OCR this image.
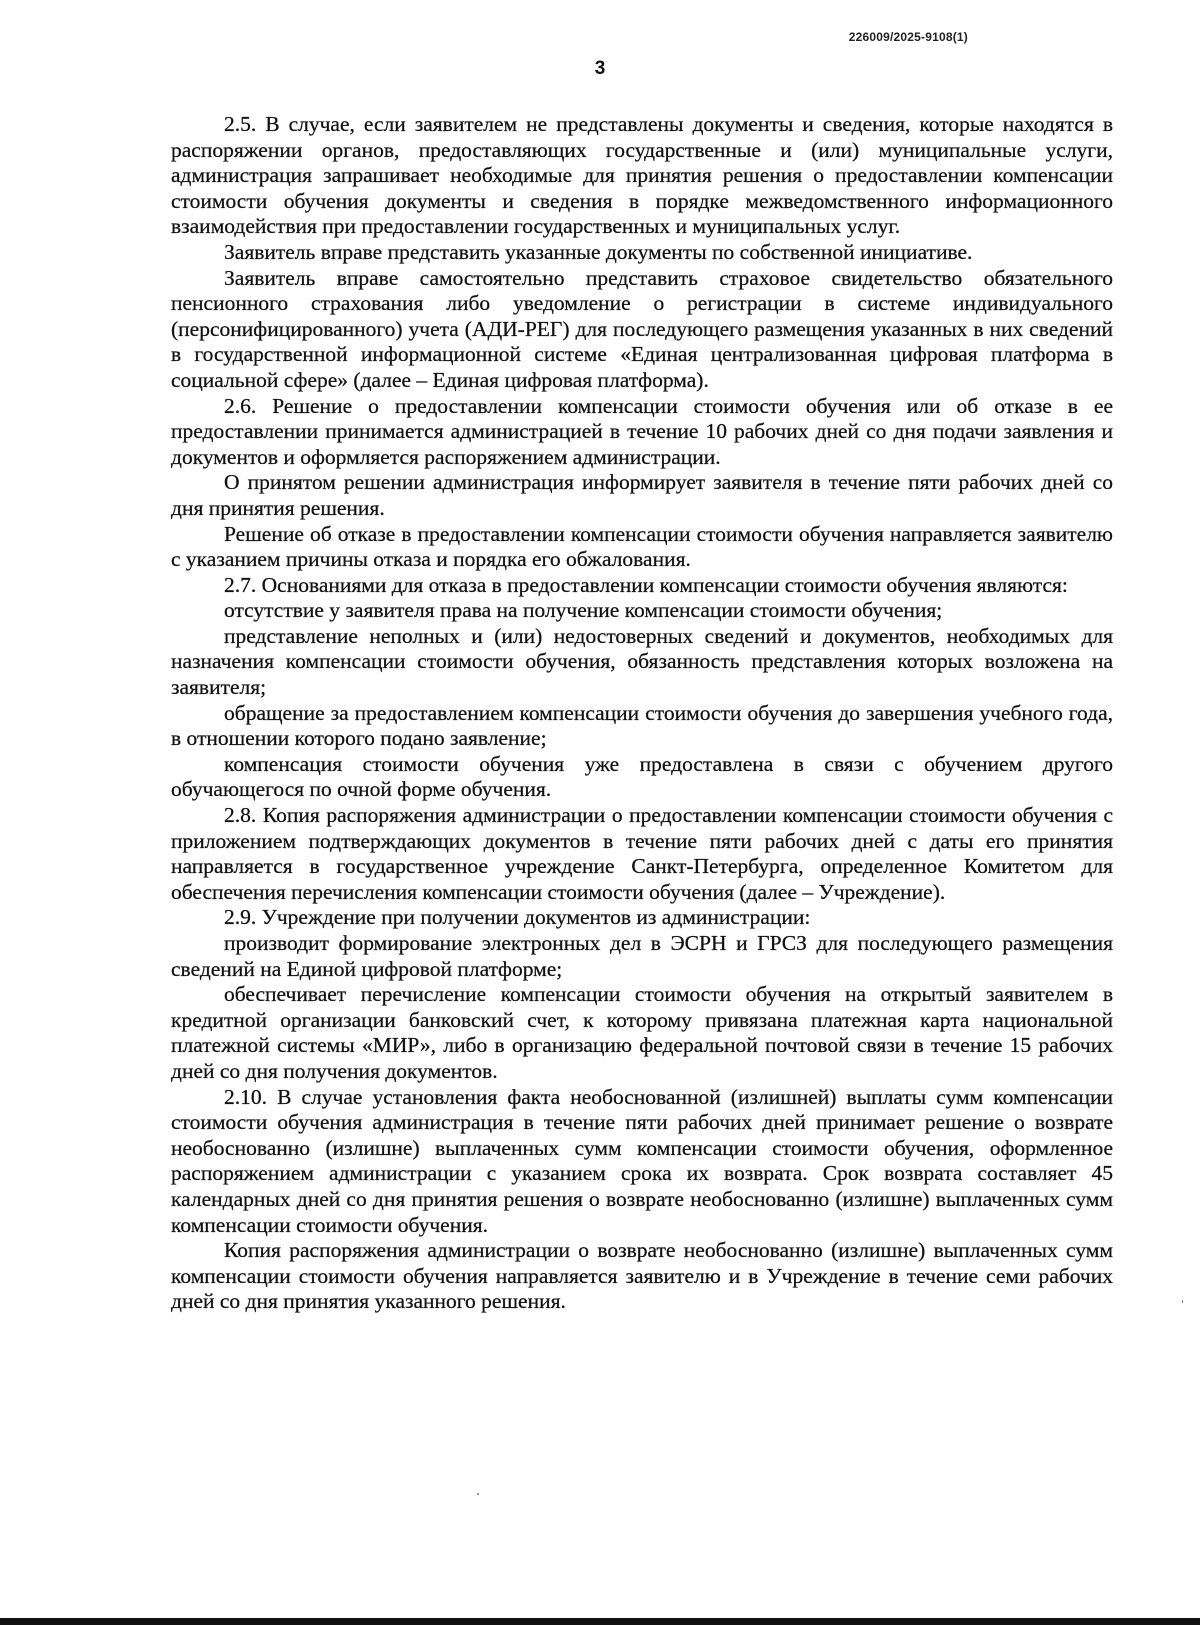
226009/2025-9108(1)
3

2.5. В случае, если заявителем не представлены документы и сведения, которые находятся в распоряжении органов, предоставляющих государственные и (или) муниципальные услуги, администрация запрашивает необходимые для принятия решения о предоставлении компенсации стоимости обучения документы и сведения в порядке межведомственного информационного взаимодействия при предоставлении государственных и муниципальных услуг.

Заявитель вправе представить указанные документы по собственной инициативе.

Заявитель вправе самостоятельно представить страховое свидетельство обязательного пенсионного страхования либо уведомление о регистрации в системе индивидуального (персонифицированного) учета (АДИ-РЕГ) для последующего размещения указанных в них сведений в государственной информационной системе «Единая централизованная цифровая платформа в социальной сфере» (далее – Единая цифровая платформа).

2.6. Решение о предоставлении компенсации стоимости обучения или об отказе в ее предоставлении принимается администрацией в течение 10 рабочих дней со дня подачи заявления и документов и оформляется распоряжением администрации.

О принятом решении администрация информирует заявителя в течение пяти рабочих дней со дня принятия решения.

Решение об отказе в предоставлении компенсации стоимости обучения направляется заявителю с указанием причины отказа и порядка его обжалования.

2.7. Основаниями для отказа в предоставлении компенсации стоимости обучения являются:

отсутствие у заявителя права на получение компенсации стоимости обучения;

представление неполных и (или) недостоверных сведений и документов, необходимых для назначения компенсации стоимости обучения, обязанность представления которых возложена на заявителя;

обращение за предоставлением компенсации стоимости обучения до завершения учебного года, в отношении которого подано заявление;

компенсация стоимости обучения уже предоставлена в связи с обучением другого обучающегося по очной форме обучения.

2.8. Копия распоряжения администрации о предоставлении компенсации стоимости обучения с приложением подтверждающих документов в течение пяти рабочих дней с даты его принятия направляется в государственное учреждение Санкт-Петербурга, определенное Комитетом для обеспечения перечисления компенсации стоимости обучения (далее – Учреждение).

2.9. Учреждение при получении документов из администрации:

производит формирование электронных дел в ЭСРН и ГРСЗ для последующего размещения сведений на Единой цифровой платформе;

обеспечивает перечисление компенсации стоимости обучения на открытый заявителем в кредитной организации банковский счет, к которому привязана платежная карта национальной платежной системы «МИР», либо в организацию федеральной почтовой связи в течение 15 рабочих дней со дня получения документов.

2.10. В случае установления факта необоснованной (излишней) выплаты сумм компенсации стоимости обучения администрация в течение пяти рабочих дней принимает решение о возврате необоснованно (излишне) выплаченных сумм компенсации стоимости обучения, оформленное распоряжением администрации с указанием срока их возврата. Срок возврата составляет 45 календарных дней со дня принятия решения о возврате необоснованно (излишне) выплаченных сумм компенсации стоимости обучения.

Копия распоряжения администрации о возврате необоснованно (излишне) выплаченных сумм компенсации стоимости обучения направляется заявителю и в Учреждение в течение семи рабочих дней со дня принятия указанного решения.
